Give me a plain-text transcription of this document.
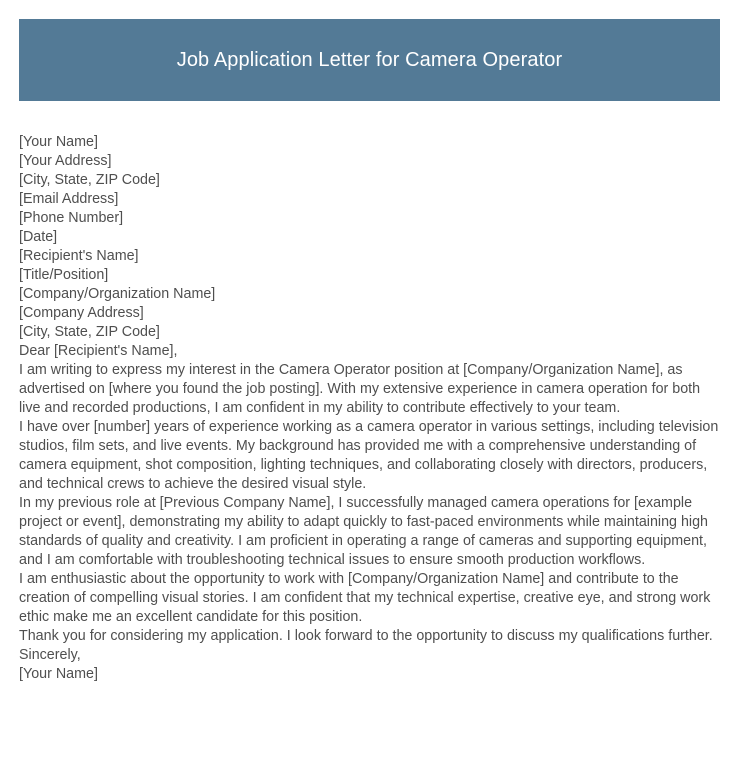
Job Application Letter for Camera Operator
[Your Name]
[Your Address]
[City, State, ZIP Code]
[Email Address]
[Phone Number]
[Date]
[Recipient's Name]
[Title/Position]
[Company/Organization Name]
[Company Address]
[City, State, ZIP Code]
Dear [Recipient's Name],

I am writing to express my interest in the Camera Operator position at [Company/Organization Name], as advertised on [where you found the job posting]. With my extensive experience in camera operation for both live and recorded productions, I am confident in my ability to contribute effectively to your team.

I have over [number] years of experience working as a camera operator in various settings, including television studios, film sets, and live events. My background has provided me with a comprehensive understanding of camera equipment, shot composition, lighting techniques, and collaborating closely with directors, producers, and technical crews to achieve the desired visual style.

In my previous role at [Previous Company Name], I successfully managed camera operations for [example project or event], demonstrating my ability to adapt quickly to fast-paced environments while maintaining high standards of quality and creativity. I am proficient in operating a range of cameras and supporting equipment, and I am comfortable with troubleshooting technical issues to ensure smooth production workflows.

I am enthusiastic about the opportunity to work with [Company/Organization Name] and contribute to the creation of compelling visual stories. I am confident that my technical expertise, creative eye, and strong work ethic make me an excellent candidate for this position.

Thank you for considering my application. I look forward to the opportunity to discuss my qualifications further.

Sincerely,
[Your Name]
